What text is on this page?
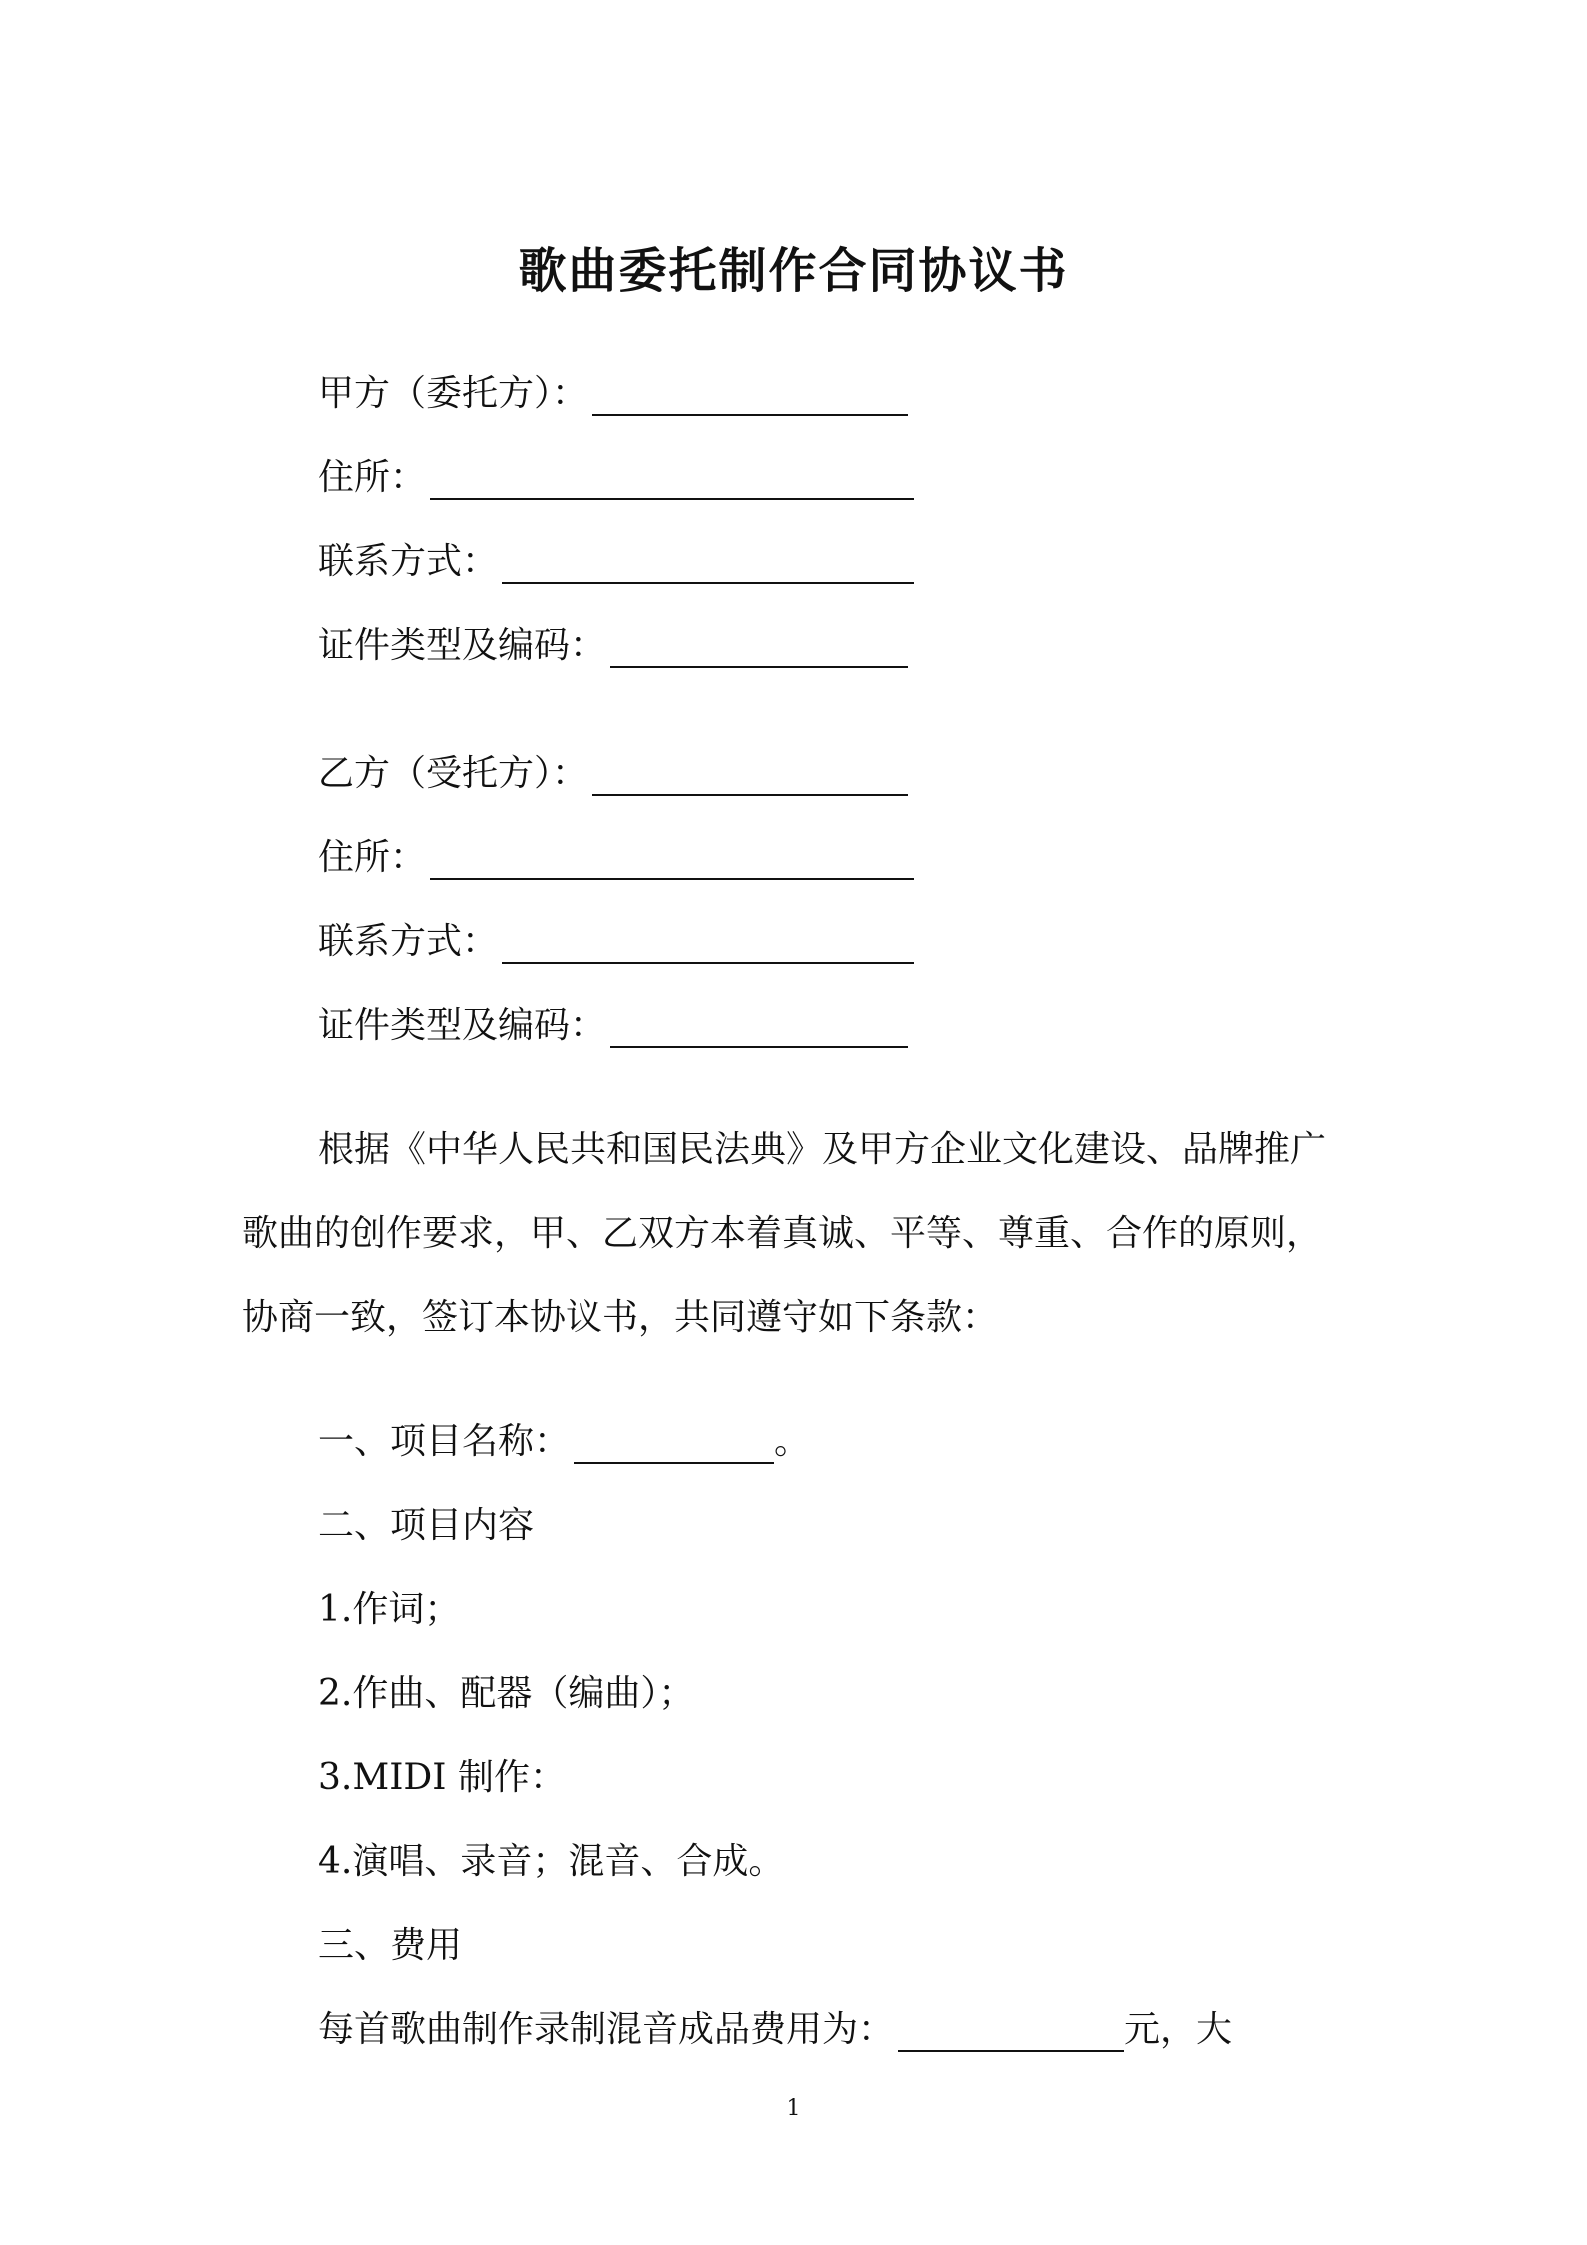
歌曲委托制作合同协议书
甲方（委托方）：
住所：
联系方式：
证件类型及编码：
乙方（受托方）：
住所：
联系方式：
证件类型及编码：
根据《中华人民共和国民法典》及甲方企业文化建设、品牌推广
歌曲的创作要求，甲、乙双方本着真诚、平等、尊重、合作的原则，
协商一致，签订本协议书，共同遵守如下条款：
一、项目名称：	。
二、项目内容
1.作词；
2.作曲、配器（编曲）；
3.MIDI 制作：
4.演唱、录音；混音、合成。
三、费用
每首歌曲制作录制混音成品费用为：	元，大
1
